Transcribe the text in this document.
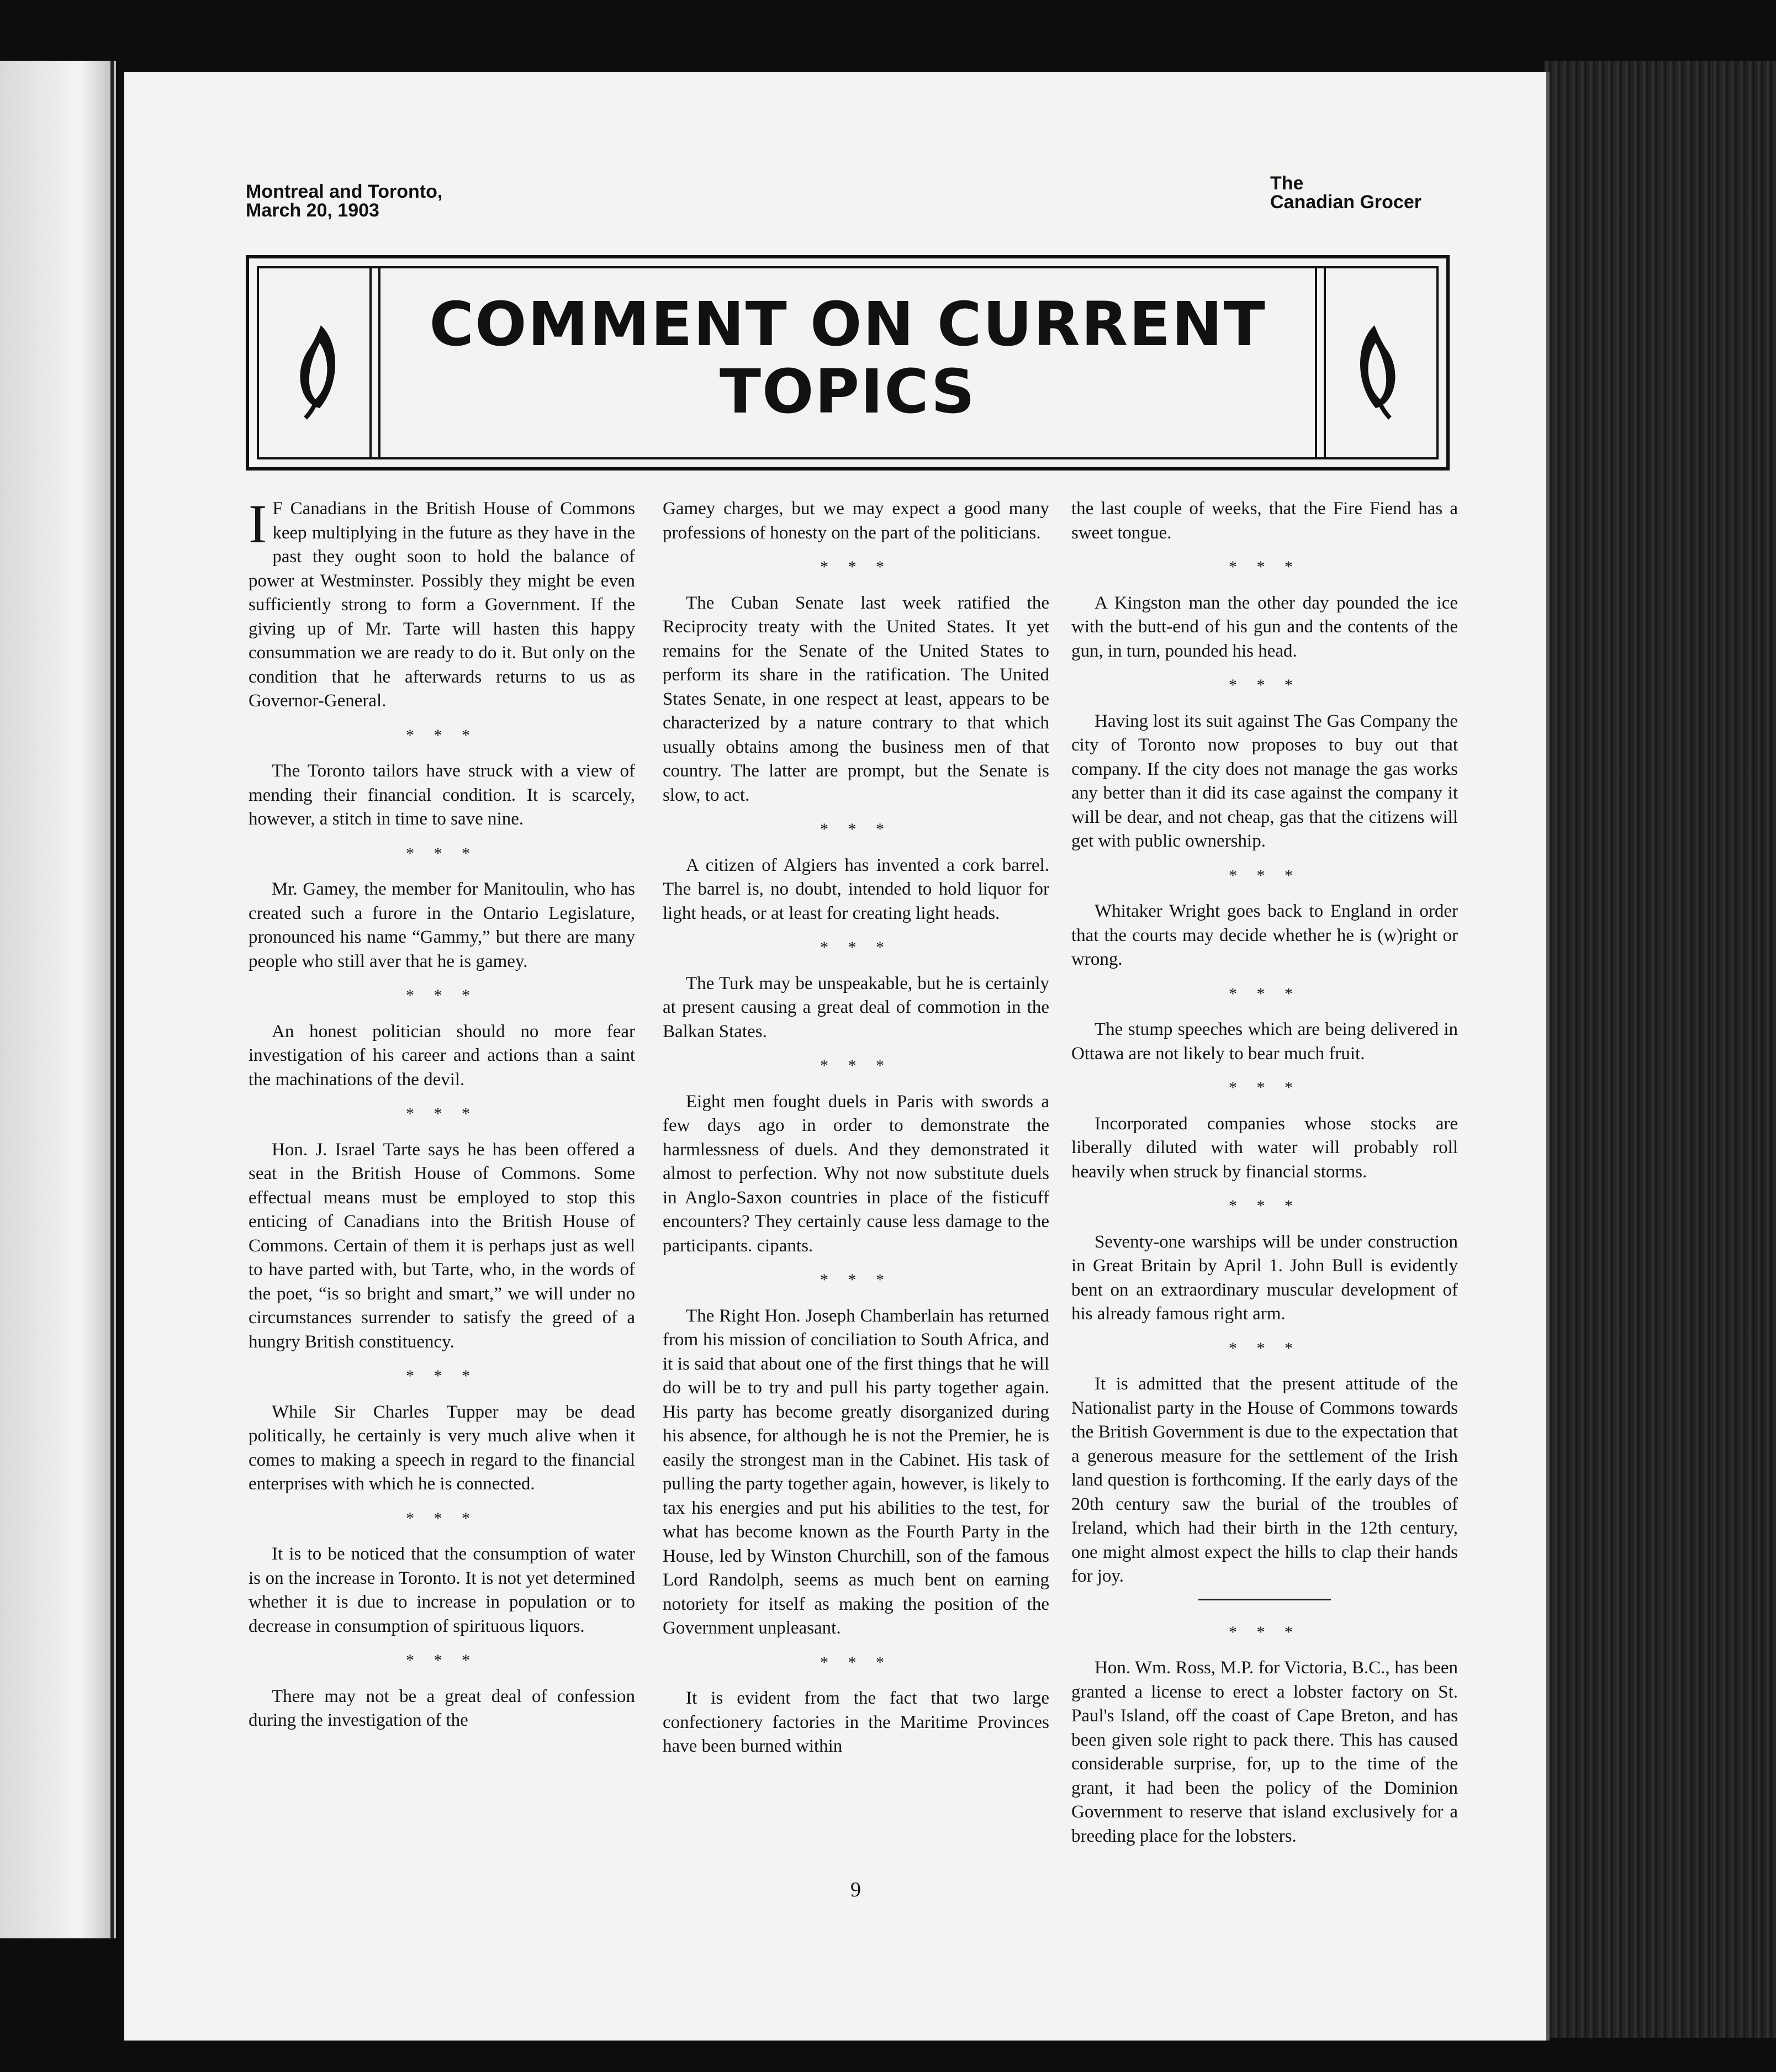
Montreal and Toronto,
March 20, 1903
The
Canadian Grocer
COMMENT ON CURRENT
TOPICS

I F Canadians in the British House of Commons keep multiplying in the future as they have in the past they ought soon to hold the balance of power at Westminster. Possibly they might be even sufficiently strong to form a Government. If the giving up of Mr. Tarte will hasten this happy consummation we are ready to do it. But only on the condition that he afterwards returns to us as Governor-General.

* * *

The Toronto tailors have struck with a view of mending their financial condition. It is scarcely, however, a stitch in time to save nine.

* * *

Mr. Gamey, the member for Manitoulin, who has created such a furore in the Ontario Legislature, pronounced his name “Gammy,” but there are many people who still aver that he is gamey.

* * *

An honest politician should no more fear investigation of his career and actions than a saint the machinations of the devil.

* * *

Hon. J. Israel Tarte says he has been offered a seat in the British House of Commons. Some effectual means must be employed to stop this enticing of Canadians into the British House of Commons. Certain of them it is perhaps just as well to have parted with, but Tarte, who, in the words of the poet, “is so bright and smart,” we will under no circumstances surrender to satisfy the greed of a hungry British constituency.

* * *

While Sir Charles Tupper may be dead politically, he certainly is very much alive when it comes to making a speech in regard to the financial enterprises with which he is connected.

* * *

It is to be noticed that the consumption of water is on the increase in Toronto. It is not yet determined whether it is due to increase in population or to decrease in consumption of spirituous liquors.

* * *

There may not be a great deal of confession during the investigation of the

Gamey charges, but we may expect a good many professions of honesty on the part of the politicians.

* * *

The Cuban Senate last week ratified the Reciprocity treaty with the United States. It yet remains for the Senate of the United States to perform its share in the ratification. The United States Senate, in one respect at least, appears to be characterized by a nature contrary to that which usually obtains among the business men of that country. The latter are prompt, but the Senate is slow, to act.

* * *

A citizen of Algiers has invented a cork barrel. The barrel is, no doubt, intended to hold liquor for light heads, or at least for creating light heads.

* * *

The Turk may be unspeakable, but he is certainly at present causing a great deal of commotion in the Balkan States.

* * *

Eight men fought duels in Paris with swords a few days ago in order to demonstrate the harmlessness of duels. And they demonstrated it almost to perfection. Why not now substitute duels in Anglo-Saxon countries in place of the fisticuff encounters? They certainly cause less damage to the participants. cipants.

* * *

The Right Hon. Joseph Chamberlain has returned from his mission of conciliation to South Africa, and it is said that about one of the first things that he will do will be to try and pull his party together again. His party has become greatly disorganized during his absence, for although he is not the Premier, he is easily the strongest man in the Cabinet. His task of pulling the party together again, however, is likely to tax his energies and put his abilities to the test, for what has become known as the Fourth Party in the House, led by Winston Churchill, son of the famous Lord Randolph, seems as much bent on earning notoriety for itself as making the position of the Government unpleasant.

* * *

It is evident from the fact that two large confectionery factories in the Maritime Provinces have been burned within

the last couple of weeks, that the Fire Fiend has a sweet tongue.

* * *

A Kingston man the other day pounded the ice with the butt-end of his gun and the contents of the gun, in turn, pounded his head.

* * *

Having lost its suit against The Gas Company the city of Toronto now proposes to buy out that company. If the city does not manage the gas works any better than it did its case against the company it will be dear, and not cheap, gas that the citizens will get with public ownership.

* * *

Whitaker Wright goes back to England in order that the courts may decide whether he is (w)right or wrong.

* * *

The stump speeches which are being delivered in Ottawa are not likely to bear much fruit.

* * *

Incorporated companies whose stocks are liberally diluted with water will probably roll heavily when struck by financial storms.

* * *

Seventy-one warships will be under construction in Great Britain by April 1. John Bull is evidently bent on an extraordinary muscular development of his already famous right arm.

* * *

It is admitted that the present attitude of the Nationalist party in the House of Commons towards the British Government is due to the expectation that a generous measure for the settlement of the Irish land question is forthcoming. If the early days of the 20th century saw the burial of the troubles of Ireland, which had their birth in the 12th century, one might almost expect the hills to clap their hands for joy.

* * *

Hon. Wm. Ross, M.P. for Victoria, B.C., has been granted a license to erect a lobster factory on St. Paul's Island, off the coast of Cape Breton, and has been given sole right to pack there. This has caused considerable surprise, for, up to the time of the grant, it had been the policy of the Dominion Government to reserve that island exclusively for a breeding place for the lobsters.

9
